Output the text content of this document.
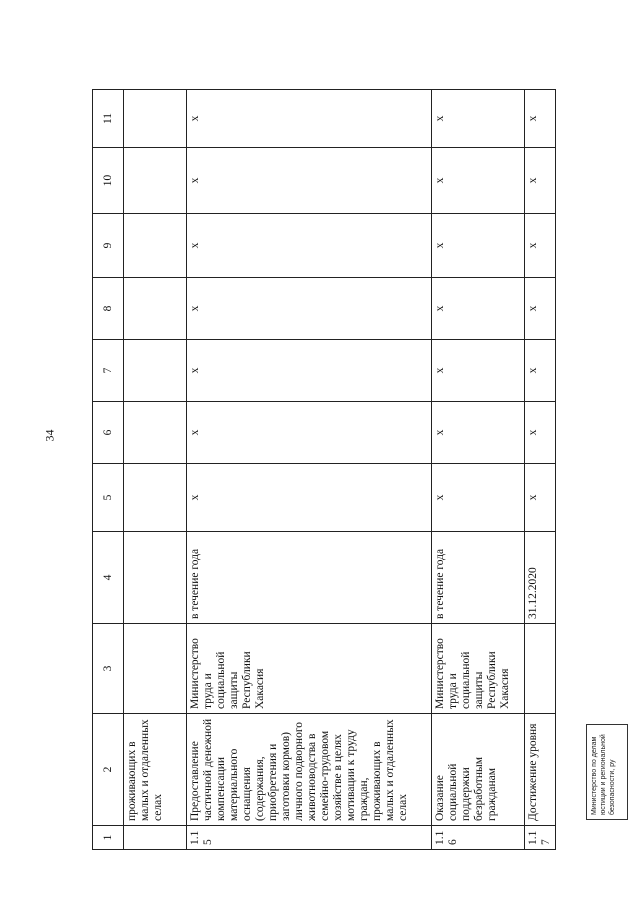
34
1	2	3	4	5	6	7	8	9	10	11
	проживающих в малых и отдаленных селах									
1.15	Предоставление частичной денежной компенсации материального оснащения (содержания, приобретения и заготовки кормов) личного подворного животноводства в семейно-трудовом хозяйстве в целях мотивации к труду граждан, проживающих в малых и отдаленных селах	Министерство труда и социальной защиты Республики Хакасия	в течение года	х	х	х	х	х	х	х
1.16	Оказание социальной поддержки безработным гражданам	Министерство труда и социальной защиты Республики Хакасия	в течение года	х	х	х	х	х	х	х
1.17	Достижение уровня		31.12.2020	х	х	х	х	х	х	х
Министерство по делам юстиции и региональной безопасности, ру
